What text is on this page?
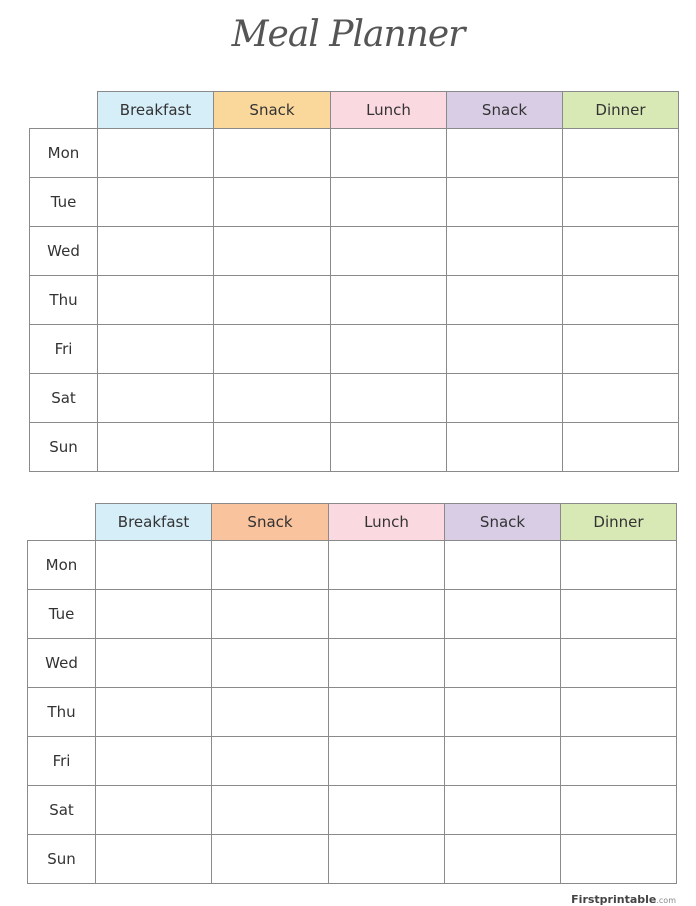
Meal Planner
	Breakfast	Snack	Lunch	Snack	Dinner
Mon					
Tue					
Wed					
Thu					
Fri					
Sat					
Sun					
	Breakfast	Snack	Lunch	Snack	Dinner
Mon					
Tue					
Wed					
Thu					
Fri					
Sat					
Sun					
Firstprintable.com
